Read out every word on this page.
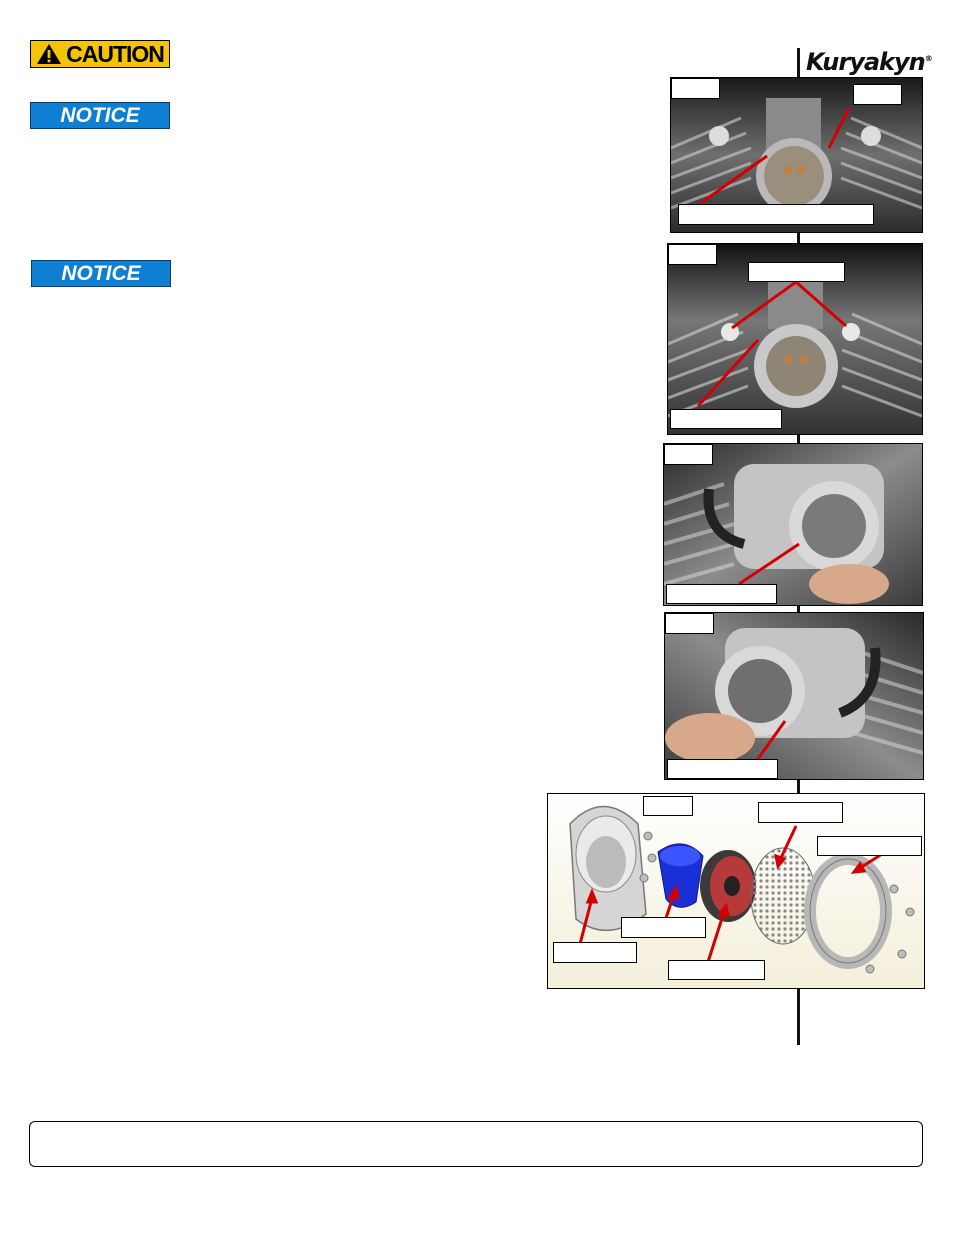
CAUTION
NOTICE
NOTICE
Kuryakyn®
